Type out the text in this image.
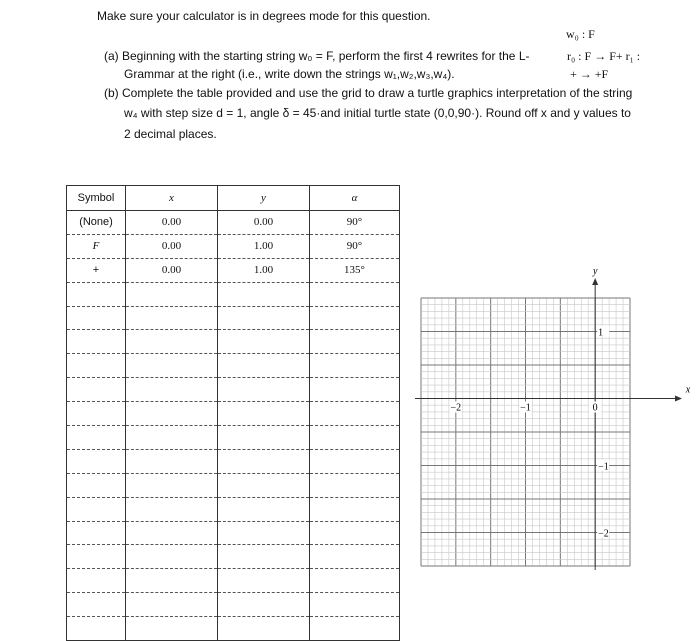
Make sure your calculator is in degrees mode for this question.
w₀ : F
r₀ : F → F+ r₁ :
+ → +F
(a) Beginning with the starting string w₀ = F, perform the first 4 rewrites for the L-
Grammar at the right (i.e., write down the strings w₁,w₂,w₃,w₄).
(b) Complete the table provided and use the grid to draw a turtle graphics interpretation of the string
w₄ with step size d = 1, angle δ = 45·and initial turtle state (0,0,90·). Round off x and y values to
2 decimal places.
Symbol	x	y	α
(None)	0.00	0.00	90°
F	0.00	1.00	90°
+	0.00	1.00	135°

x
y
−2	−1	0
1
−1
−2
